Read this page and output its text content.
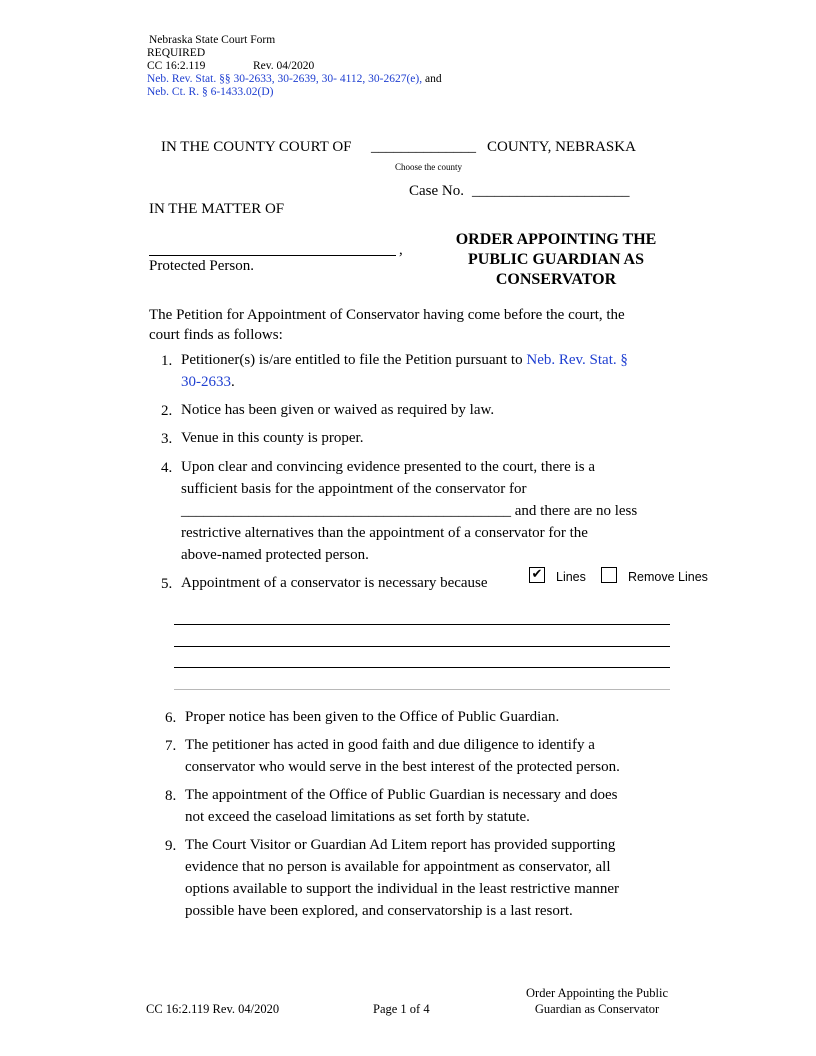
Nebraska State Court Form
REQUIRED
CC 16:2.119	Rev. 04/2020
Neb. Rev. Stat. §§ 30-2633, 30-2639, 30- 4112, 30-2627(e), and
Neb. Ct. R. § 6-1433.02(D)
IN THE COUNTY COURT OF ______________ COUNTY, NEBRASKA
Choose the county
Case No. _____________________
IN THE MATTER OF
,
Protected Person.
ORDER APPOINTING THE
PUBLIC GUARDIAN AS
CONSERVATOR
The Petition for Appointment of Conservator having come before the court, the
court finds as follows:
1. Petitioner(s) is/are entitled to file the Petition pursuant to Neb. Rev. Stat. §
30-2633.
2. Notice has been given or waived as required by law.
3. Venue in this county is proper.
4. Upon clear and convincing evidence presented to the court, there is a
sufficient basis for the appointment of the conservator for
____________________________________________ and there are no less
restrictive alternatives than the appointment of a conservator for the
above-named protected person.
5. Appointment of a conservator is necessary because
✔ Lines	Remove Lines
6. Proper notice has been given to the Office of Public Guardian.
7. The petitioner has acted in good faith and due diligence to identify a
conservator who would serve in the best interest of the protected person.
8. The appointment of the Office of Public Guardian is necessary and does
not exceed the caseload limitations as set forth by statute.
9. The Court Visitor or Guardian Ad Litem report has provided supporting
evidence that no person is available for appointment as conservator, all
options available to support the individual in the least restrictive manner
possible have been explored, and conservatorship is a last resort.
CC 16:2.119 Rev. 04/2020	Page 1 of 4
Order Appointing the Public
Guardian as Conservator
